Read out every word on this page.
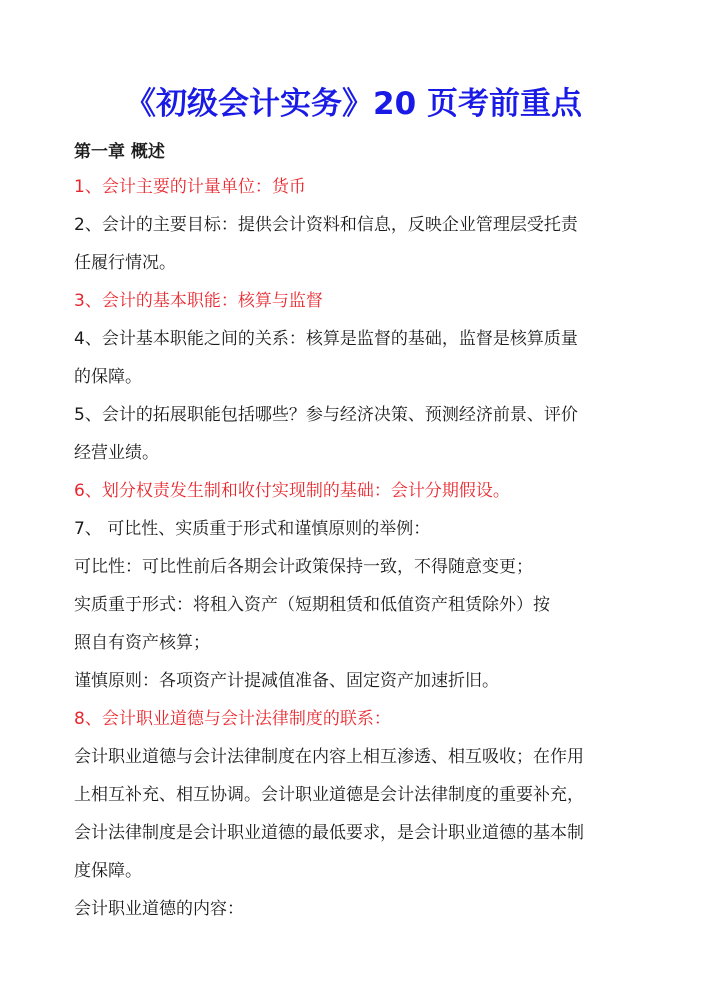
《初级会计实务》20 页考前重点
第一章 概述
1、会计主要的计量单位：货币
2、会计的主要目标：提供会计资料和信息，反映企业管理层受托责
任履行情况。
3、会计的基本职能：核算与监督
4、会计基本职能之间的关系：核算是监督的基础，监督是核算质量
的保障。
5、会计的拓展职能包括哪些？参与经济决策、预测经济前景、评价
经营业绩。
6、划分权责发生制和收付实现制的基础：会计分期假设。
7、 可比性、实质重于形式和谨慎原则的举例：
可比性：可比性前后各期会计政策保持一致，不得随意变更；
实质重于形式：将租入资产（短期租赁和低值资产租赁除外）按
照自有资产核算；
谨慎原则：各项资产计提减值准备、固定资产加速折旧。
8、会计职业道德与会计法律制度的联系：
会计职业道德与会计法律制度在内容上相互渗透、相互吸收；在作用
上相互补充、相互协调。会计职业道德是会计法律制度的重要补充，
会计法律制度是会计职业道德的最低要求，是会计职业道德的基本制
度保障。
会计职业道德的内容：
